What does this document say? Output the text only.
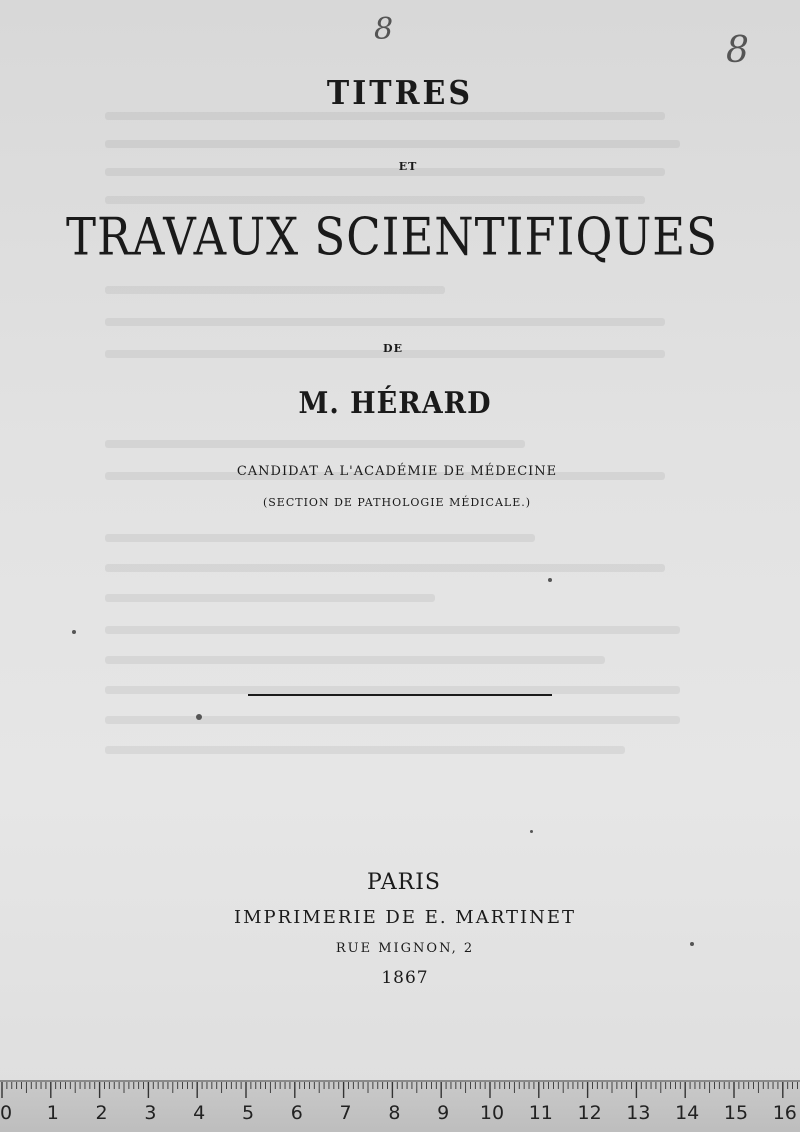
8
8
TITRES
ET
TRAVAUX SCIENTIFIQUES
DE
M. HÉRARD
CANDIDAT A L'ACADÉMIE DE MÉDECINE
(SECTION DE PATHOLOGIE MÉDICALE.)
PARIS
IMPRIMERIE DE E. MARTINET
RUE MIGNON, 2
1867
0 1 2 3 4 5 6 7 8 9 10 11 12 13 14 15 16
